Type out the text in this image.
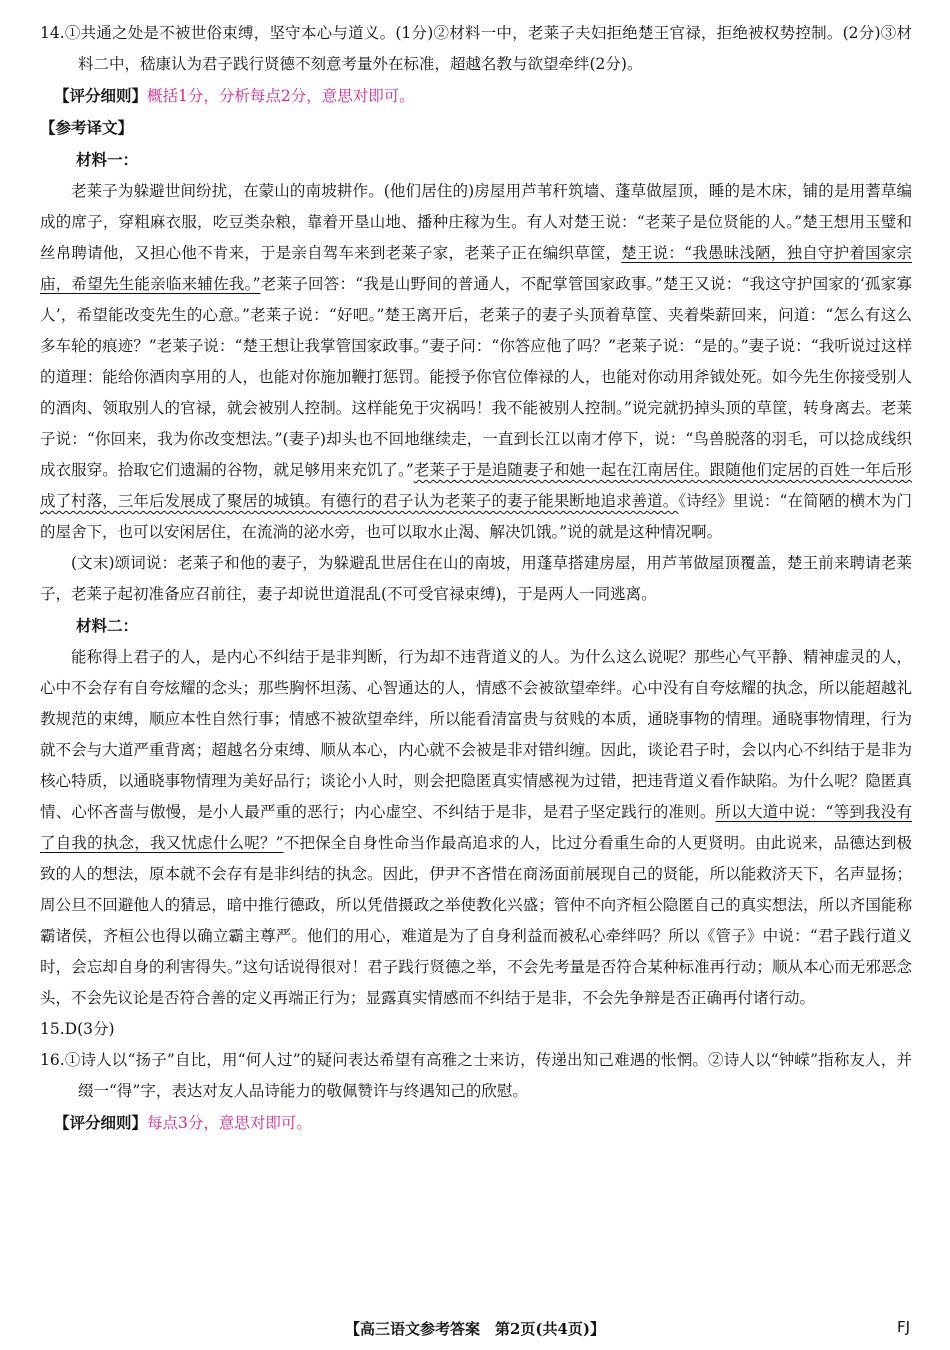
14.①共通之处是不被世俗束缚，坚守本心与道义。(1分)②材料一中，老莱子夫妇拒绝楚王官禄，拒绝被权势控制。(2分)③材料二中，嵇康认为君子践行贤德不刻意考量外在标准，超越名教与欲望牵绊(2分)。

【评分细则】概括1分，分析每点2分，意思对即可。

【参考译文】

材料一：

老莱子为躲避世间纷扰，在蒙山的南坡耕作。(他们居住的)房屋用芦苇秆筑墙、蓬草做屋顶，睡的是木床，铺的是用蓍草编成的席子，穿粗麻衣服，吃豆类杂粮，靠着开垦山地、播种庄稼为生。有人对楚王说：“老莱子是位贤能的人。”楚王想用玉璧和丝帛聘请他，又担心他不肯来，于是亲自驾车来到老莱子家，老莱子正在编织草筐，楚王说：“我愚昧浅陋，独自守护着国家宗庙，希望先生能亲临来辅佐我。”老莱子回答：“我是山野间的普通人，不配掌管国家政事。”楚王又说：“我这守护国家的‘孤家寡人’，希望能改变先生的心意。”老莱子说：“好吧。”楚王离开后，老莱子的妻子头顶着草筐、夹着柴薪回来，问道：“怎么有这么多车轮的痕迹？”老莱子说：“楚王想让我掌管国家政事。”妻子问：“你答应他了吗？”老莱子说：“是的。”妻子说：“我听说过这样的道理：能给你酒肉享用的人，也能对你施加鞭打惩罚。能授予你官位俸禄的人，也能对你动用斧钺处死。如今先生你接受别人的酒肉、领取别人的官禄，就会被别人控制。这样能免于灾祸吗！我不能被别人控制。”说完就扔掉头顶的草筐，转身离去。老莱子说：“你回来，我为你改变想法。”(妻子)却头也不回地继续走，一直到长江以南才停下，说：“鸟兽脱落的羽毛，可以捻成线织成衣服穿。拾取它们遗漏的谷物，就足够用来充饥了。”老莱子于是追随妻子和她一起在江南居住。跟随他们定居的百姓一年后形成了村落，三年后发展成了聚居的城镇。有德行的君子认为老莱子的妻子能果断地追求善道。《诗经》里说：“在简陋的横木为门的屋舍下，也可以安闲居住，在流淌的泌水旁，也可以取水止渴、解决饥饿。”说的就是这种情况啊。

(文末)颂词说：老莱子和他的妻子，为躲避乱世居住在山的南坡，用蓬草搭建房屋，用芦苇做屋顶覆盖，楚王前来聘请老莱子，老莱子起初准备应召前往，妻子却说世道混乱(不可受官禄束缚)，于是两人一同逃离。

材料二：

能称得上君子的人，是内心不纠结于是非判断，行为却不违背道义的人。为什么这么说呢？那些心气平静、精神虚灵的人，心中不会存有自夸炫耀的念头；那些胸怀坦荡、心智通达的人，情感不会被欲望牵绊。心中没有自夸炫耀的执念，所以能超越礼教规范的束缚，顺应本性自然行事；情感不被欲望牵绊，所以能看清富贵与贫贱的本质，通晓事物的情理。通晓事物情理，行为就不会与大道严重背离；超越名分束缚、顺从本心，内心就不会被是非对错纠缠。因此，谈论君子时，会以内心不纠结于是非为核心特质，以通晓事物情理为美好品行；谈论小人时，则会把隐匿真实情感视为过错，把违背道义看作缺陷。为什么呢？隐匿真情、心怀吝啬与傲慢，是小人最严重的恶行；内心虚空、不纠结于是非，是君子坚定践行的准则。所以大道中说：“等到我没有了自我的执念，我又忧虑什么呢？”不把保全自身性命当作最高追求的人，比过分看重生命的人更贤明。由此说来，品德达到极致的人的想法，原本就不会存有是非纠结的执念。因此，伊尹不吝惜在商汤面前展现自己的贤能，所以能救济天下，名声显扬；周公旦不回避他人的猜忌，暗中推行德政，所以凭借摄政之举使教化兴盛；管仲不向齐桓公隐匿自己的真实想法，所以齐国能称霸诸侯，齐桓公也得以确立霸主尊严。他们的用心，难道是为了自身利益而被私心牵绊吗？所以《管子》中说：“君子践行道义时，会忘却自身的利害得失。”这句话说得很对！君子践行贤德之举，不会先考量是否符合某种标准再行动；顺从本心而无邪恶念头，不会先议论是否符合善的定义再端正行为；显露真实情感而不纠结于是非，不会先争辩是否正确再付诸行动。

15.D(3分)

16.①诗人以“扬子”自比，用“何人过”的疑问表达希望有高雅之士来访，传递出知己难遇的怅惘。②诗人以“钟嵘”指称友人，并缀一“得”字，表达对友人品诗能力的敬佩赞许与终遇知己的欣慰。

【评分细则】每点3分，意思对即可。

【高三语文参考答案　第2页(共4页)】	FJ
